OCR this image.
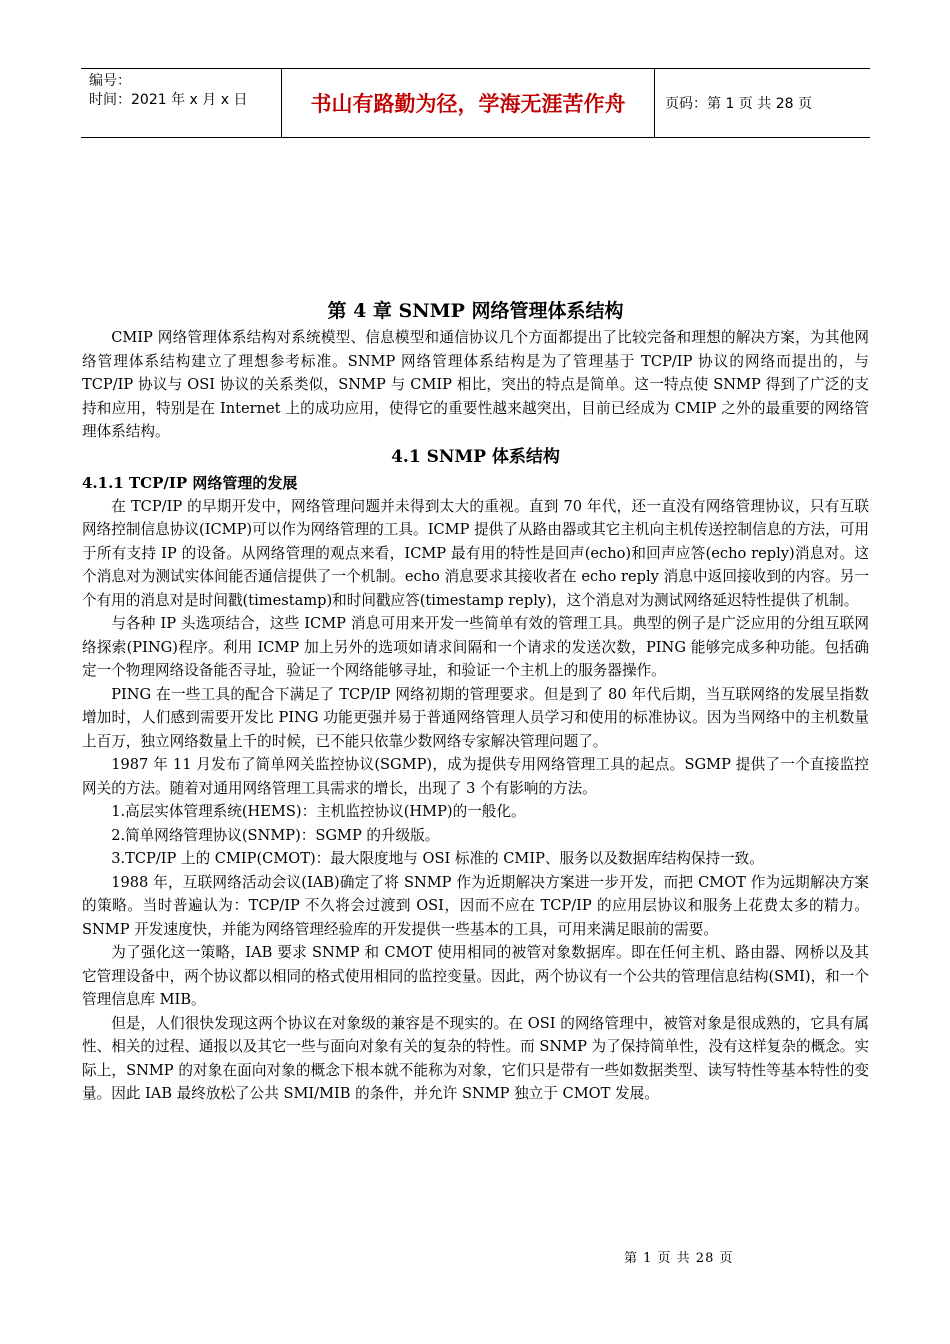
编号：
时间：2021 年 x 月 x 日	书山有路勤为径，学海无涯苦作舟	页码：第 1 页 共 28 页
第 4 章 SNMP 网络管理体系结构

CMIP 网络管理体系结构对系统模型、信息模型和通信协议几个方面都提出了比较完备和理想的解决方案，为其他网络管理体系结构建立了理想参考标准。SNMP 网络管理体系结构是为了管理基于 TCP/IP 协议的网络而提出的，与 TCP/IP 协议与 OSI 协议的关系类似，SNMP 与 CMIP 相比，突出的特点是简单。这一特点使 SNMP 得到了广泛的支持和应用，特别是在 Internet 上的成功应用，使得它的重要性越来越突出，目前已经成为 CMIP 之外的最重要的网络管理体系结构。

4.1 SNMP 体系结构
4.1.1 TCP/IP 网络管理的发展

在 TCP/IP 的早期开发中，网络管理问题并未得到太大的重视。直到 70 年代，还一直没有网络管理协议，只有互联网络控制信息协议(ICMP)可以作为网络管理的工具。ICMP 提供了从路由器或其它主机向主机传送控制信息的方法，可用于所有支持 IP 的设备。从网络管理的观点来看，ICMP 最有用的特性是回声(echo)和回声应答(echo reply)消息对。这个消息对为测试实体间能否通信提供了一个机制。echo 消息要求其接收者在 echo reply 消息中返回接收到的内容。另一个有用的消息对是时间戳(timestamp)和时间戳应答(timestamp reply)，这个消息对为测试网络延迟特性提供了机制。

与各种 IP 头选项结合，这些 ICMP 消息可用来开发一些简单有效的管理工具。典型的例子是广泛应用的分组互联网络探索(PING)程序。利用 ICMP 加上另外的选项如请求间隔和一个请求的发送次数，PING 能够完成多种功能。包括确定一个物理网络设备能否寻址，验证一个网络能够寻址，和验证一个主机上的服务器操作。

PING 在一些工具的配合下满足了 TCP/IP 网络初期的管理要求。但是到了 80 年代后期，当互联网络的发展呈指数增加时，人们感到需要开发比 PING 功能更强并易于普通网络管理人员学习和使用的标准协议。因为当网络中的主机数量上百万，独立网络数量上千的时候，已不能只依靠少数网络专家解决管理问题了。

1987 年 11 月发布了简单网关监控协议(SGMP)，成为提供专用网络管理工具的起点。SGMP 提供了一个直接监控网关的方法。随着对通用网络管理工具需求的增长，出现了 3 个有影响的方法。

1.高层实体管理系统(HEMS)：主机监控协议(HMP)的一般化。

2.简单网络管理协议(SNMP)：SGMP 的升级版。

3.TCP/IP 上的 CMIP(CMOT)：最大限度地与 OSI 标准的 CMIP、服务以及数据库结构保持一致。

1988 年，互联网络活动会议(IAB)确定了将 SNMP 作为近期解决方案进一步开发，而把 CMOT 作为远期解决方案的策略。当时普遍认为：TCP/IP 不久将会过渡到 OSI，因而不应在 TCP/IP 的应用层协议和服务上花费太多的精力。SNMP 开发速度快，并能为网络管理经验库的开发提供一些基本的工具，可用来满足眼前的需要。

为了强化这一策略，IAB 要求 SNMP 和 CMOT 使用相同的被管对象数据库。即在任何主机、路由器、网桥以及其它管理设备中，两个协议都以相同的格式使用相同的监控变量。因此，两个协议有一个公共的管理信息结构(SMI)，和一个管理信息库 MIB。

但是，人们很快发现这两个协议在对象级的兼容是不现实的。在 OSI 的网络管理中，被管对象是很成熟的，它具有属性、相关的过程、通报以及其它一些与面向对象有关的复杂的特性。而 SNMP 为了保持简单性，没有这样复杂的概念。实际上，SNMP 的对象在面向对象的概念下根本就不能称为对象，它们只是带有一些如数据类型、读写特性等基本特性的变量。因此 IAB 最终放松了公共 SMI/MIB 的条件，并允许 SNMP 独立于 CMOT 发展。

第 1 页 共 28 页
